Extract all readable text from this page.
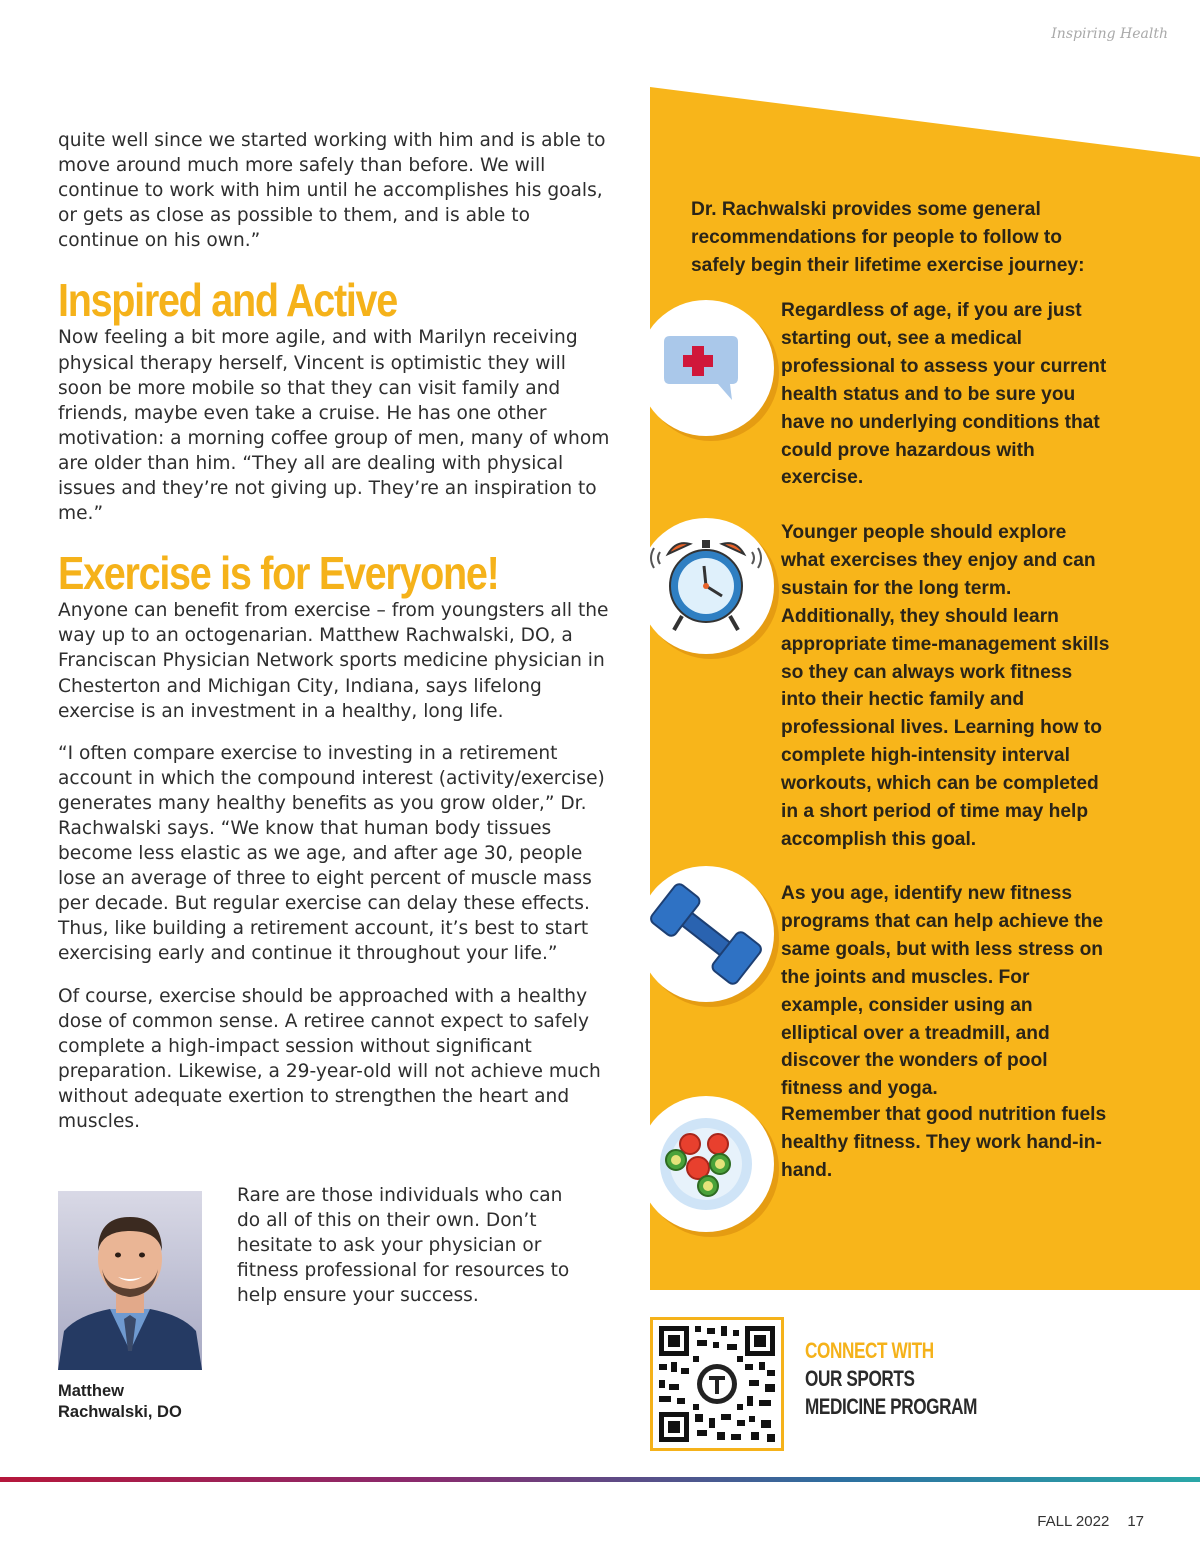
Inspiring Health

quite well since we started working with him and is able to move around much more safely than before. We will continue to work with him until he accomplishes his goals, or gets as close as possible to them, and is able to continue on his own.”

Inspired and Active

Now feeling a bit more agile, and with Marilyn receiving physical therapy herself, Vincent is optimistic they will soon be more mobile so that they can visit family and friends, maybe even take a cruise. He has one other motivation: a morning coffee group of men, many of whom are older than him. “They all are dealing with physical issues and they’re not giving up. They’re an inspiration to me.”

Exercise is for Everyone!

Anyone can benefit from exercise – from youngsters all the way up to an octogenarian. Matthew Rachwalski, DO, a Franciscan Physician Network sports medicine physician in Chesterton and Michigan City, Indiana, says lifelong exercise is an investment in a healthy, long life.

“I often compare exercise to investing in a retirement account in which the compound interest (activity/exercise) generates many healthy benefits as you grow older,” Dr. Rachwalski says. “We know that human body tissues become less elastic as we age, and after age 30, people lose an average of three to eight percent of muscle mass per decade. But regular exercise can delay these effects. Thus, like building a retirement account, it’s best to start exercising early and continue it throughout your life.”

Of course, exercise should be approached with a healthy dose of common sense. A retiree cannot expect to safely complete a high-impact session without significant preparation. Likewise, a 29-year-old will not achieve much without adequate exertion to strengthen the heart and muscles.

Matthew
Rachwalski, DO

Rare are those individuals who can do all of this on their own. Don’t hesitate to ask your physician or fitness professional for resources to help ensure your success.

Dr. Rachwalski provides some general recommendations for people to follow to safely begin their lifetime exercise journey:

Regardless of age, if you are just starting out, see a medical professional to assess your current health status and to be sure you have no underlying conditions that could prove hazardous with exercise.

Younger people should explore what exercises they enjoy and can sustain for the long term. Additionally, they should learn appropriate time-management skills so they can always work fitness into their hectic family and professional lives. Learning how to complete high-intensity interval workouts, which can be completed in a short period of time may help accomplish this goal.

As you age, identify new fitness programs that can help achieve the same goals, but with less stress on the joints and muscles. For example, consider using an elliptical over a treadmill, and discover the wonders of pool fitness and yoga.

Remember that good nutrition fuels healthy fitness. They work hand-in-hand.

CONNECT WITH
OUR SPORTS
MEDICINE PROGRAM
FALL 2022 17
